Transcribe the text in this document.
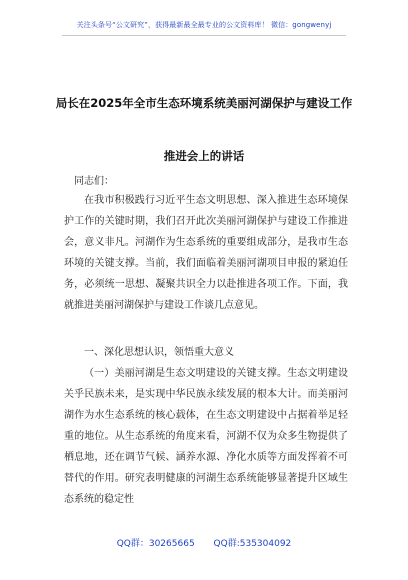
关注头条号“公文研究”，获得最新最全最专业的公文资料库！ 微信：gongwenyj
局长在2025年全市生态环境系统美丽河湖保护与建设工作
推进会上的讲话
同志们：

在我市积极践行习近平生态文明思想、深入推进生态环境保护工作的关键时期，我们召开此次美丽河湖保护与建设工作推进会，意义非凡。河湖作为生态系统的重要组成部分，是我市生态环境的关键支撑。当前，我们面临着美丽河湖项目申报的紧迫任务，必须统一思想、凝聚共识全力以赴推进各项工作。下面，我就推进美丽河湖保护与建设工作谈几点意见。

一、深化思想认识，领悟重大意义

（一）美丽河湖是生态文明建设的关键支撑。生态文明建设关乎民族未来，是实现中华民族永续发展的根本大计。而美丽河湖作为水生态系统的核心载体，在生态文明建设中占据着举足轻重的地位。从生态系统的角度来看，河湖不仅为众多生物提供了栖息地，还在调节气候、涵养水源、净化水质等方面发挥着不可替代的作用。研究表明健康的河湖生态系统能够显著提升区域生态系统的稳定性

QQ群：30265665 QQ群:535304092
